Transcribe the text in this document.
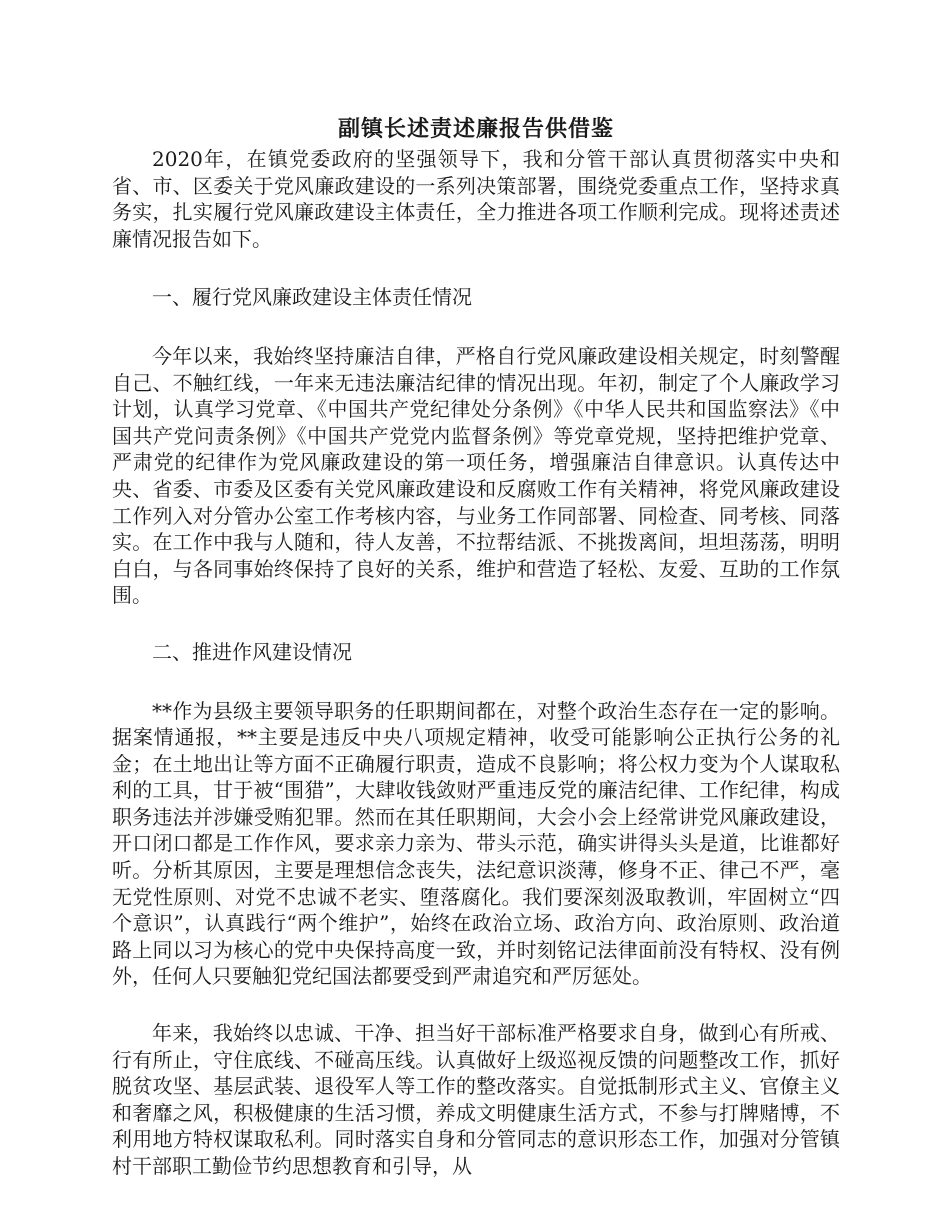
副镇长述责述廉报告供借鉴

2020年，在镇党委政府的坚强领导下，我和分管干部认真贯彻落实中央和省、市、区委关于党风廉政建设的一系列决策部署，围绕党委重点工作，坚持求真务实，扎实履行党风廉政建设主体责任，全力推进各项工作顺利完成。现将述责述廉情况报告如下。

一、履行党风廉政建设主体责任情况

今年以来，我始终坚持廉洁自律，严格自行党风廉政建设相关规定，时刻警醒自己、不触红线，一年来无违法廉洁纪律的情况出现。年初，制定了个人廉政学习计划，认真学习党章、《中国共产党纪律处分条例》《中华人民共和国监察法》《中国共产党问责条例》《中国共产党党内监督条例》等党章党规，坚持把维护党章、严肃党的纪律作为党风廉政建设的第一项任务，增强廉洁自律意识。认真传达中央、省委、市委及区委有关党风廉政建设和反腐败工作有关精神，将党风廉政建设工作列入对分管办公室工作考核内容，与业务工作同部署、同检查、同考核、同落实。在工作中我与人随和，待人友善，不拉帮结派、不挑拨离间，坦坦荡荡，明明白白，与各同事始终保持了良好的关系，维护和营造了轻松、友爱、互助的工作氛围。

二、推进作风建设情况

**作为县级主要领导职务的任职期间都在，对整个政治生态存在一定的影响。据案情通报，**主要是违反中央八项规定精神，收受可能影响公正执行公务的礼金；在土地出让等方面不正确履行职责，造成不良影响；将公权力变为个人谋取私利的工具，甘于被“围猎”，大肆收钱敛财严重违反党的廉洁纪律、工作纪律，构成职务违法并涉嫌受贿犯罪。然而在其任职期间，大会小会上经常讲党风廉政建设，开口闭口都是工作作风，要求亲力亲为、带头示范，确实讲得头头是道，比谁都好听。分析其原因，主要是理想信念丧失，法纪意识淡薄，修身不正、律己不严，毫无党性原则、对党不忠诚不老实、堕落腐化。我们要深刻汲取教训，牢固树立“四个意识”，认真践行“两个维护”，始终在政治立场、政治方向、政治原则、政治道路上同以习为核心的党中央保持高度一致，并时刻铭记法律面前没有特权、没有例外，任何人只要触犯党纪国法都要受到严肃追究和严厉惩处。

年来，我始终以忠诚、干净、担当好干部标准严格要求自身，做到心有所戒、行有所止，守住底线、不碰高压线。认真做好上级巡视反馈的问题整改工作，抓好脱贫攻坚、基层武装、退役军人等工作的整改落实。自觉抵制形式主义、官僚主义和奢靡之风，积极健康的生活习惯，养成文明健康生活方式，不参与打牌赌博，不利用地方特权谋取私利。同时落实自身和分管同志的意识形态工作，加强对分管镇村干部职工勤俭节约思想教育和引导，从
